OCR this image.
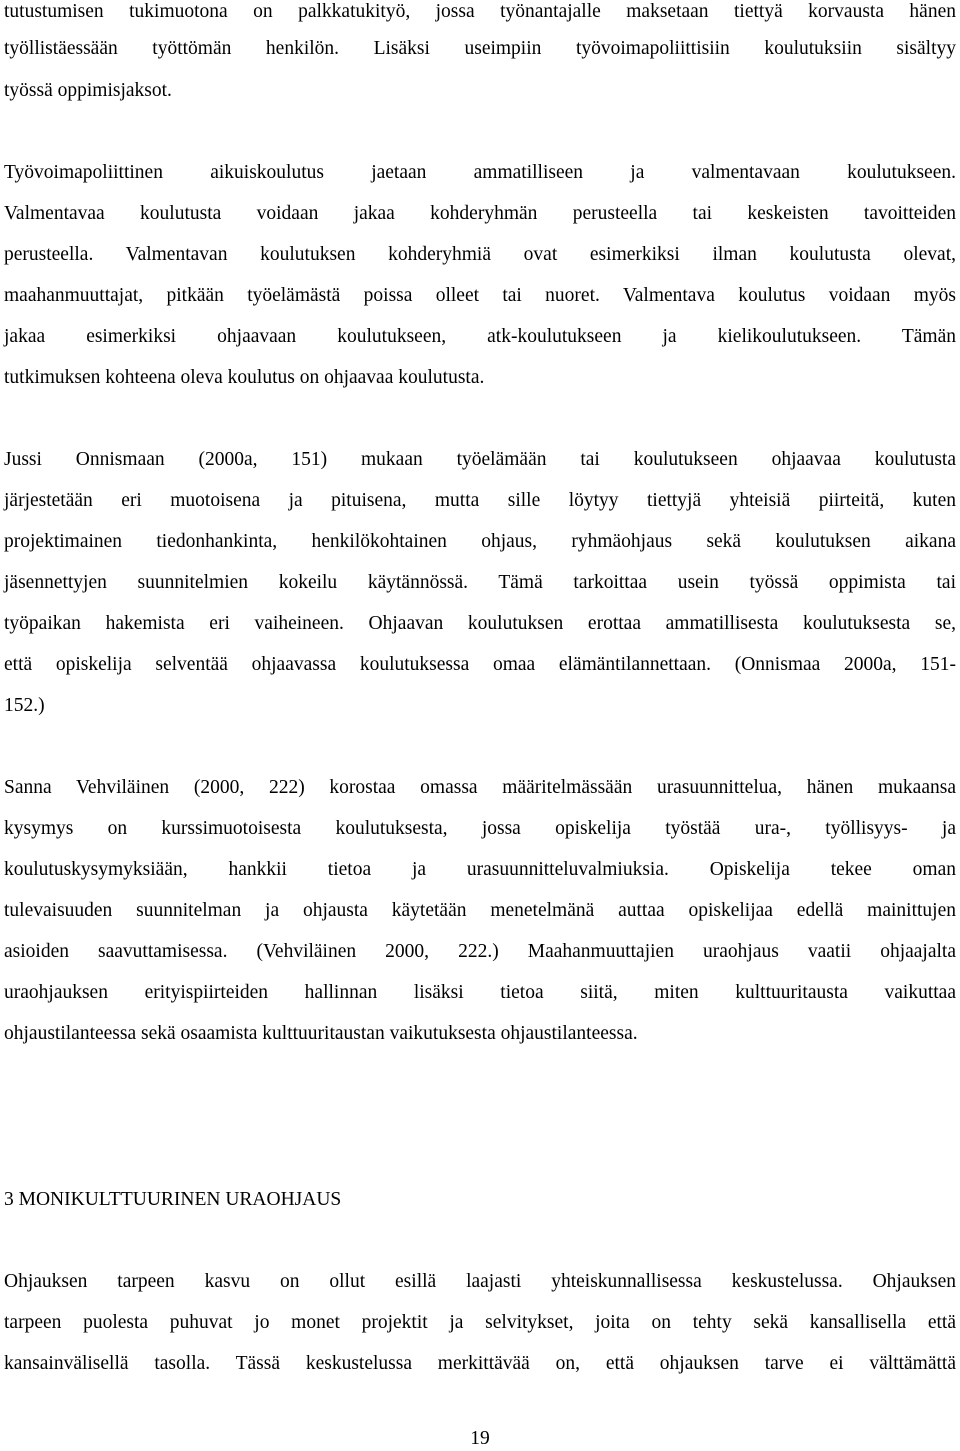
tutustumisen tukimuotona on palkkatukityö, jossa työnantajalle maksetaan tiettyä korvausta hänen
työllistäessään työttömän henkilön. Lisäksi useimpiin työvoimapoliittisiin koulutuksiin sisältyy
työssä oppimisjaksot.
Työvoimapoliittinen aikuiskoulutus jaetaan ammatilliseen ja valmentavaan koulutukseen.
Valmentavaa koulutusta voidaan jakaa kohderyhmän perusteella tai keskeisten tavoitteiden
perusteella. Valmentavan koulutuksen kohderyhmiä ovat esimerkiksi ilman koulutusta olevat,
maahanmuuttajat, pitkään työelämästä poissa olleet tai nuoret. Valmentava koulutus voidaan myös
jakaa esimerkiksi ohjaavaan koulutukseen, atk-koulutukseen ja kielikoulutukseen. Tämän
tutkimuksen kohteena oleva koulutus on ohjaavaa koulutusta.
Jussi Onnismaan (2000a, 151) mukaan työelämään tai koulutukseen ohjaavaa koulutusta
järjestetään eri muotoisena ja pituisena, mutta sille löytyy tiettyjä yhteisiä piirteitä, kuten
projektimainen tiedonhankinta, henkilökohtainen ohjaus, ryhmäohjaus sekä koulutuksen aikana
jäsennettyjen suunnitelmien kokeilu käytännössä. Tämä tarkoittaa usein työssä oppimista tai
työpaikan hakemista eri vaiheineen. Ohjaavan koulutuksen erottaa ammatillisesta koulutuksesta se,
että opiskelija selventää ohjaavassa koulutuksessa omaa elämäntilannettaan. (Onnismaa 2000a, 151-
152.)
Sanna Vehviläinen (2000, 222) korostaa omassa määritelmässään urasuunnittelua, hänen mukaansa
kysymys on kurssimuotoisesta koulutuksesta, jossa opiskelija työstää ura-, työllisyys- ja
koulutuskysymyksiään, hankkii tietoa ja urasuunnitteluvalmiuksia. Opiskelija tekee oman
tulevaisuuden suunnitelman ja ohjausta käytetään menetelmänä auttaa opiskelijaa edellä mainittujen
asioiden saavuttamisessa. (Vehviläinen 2000, 222.) Maahanmuuttajien uraohjaus vaatii ohjaajalta
uraohjauksen erityispiirteiden hallinnan lisäksi tietoa siitä, miten kulttuuritausta vaikuttaa
ohjaustilanteessa sekä osaamista kulttuuritaustan vaikutuksesta ohjaustilanteessa.
3 MONIKULTTUURINEN URAOHJAUS
Ohjauksen tarpeen kasvu on ollut esillä laajasti yhteiskunnallisessa keskustelussa. Ohjauksen
tarpeen puolesta puhuvat jo monet projektit ja selvitykset, joita on tehty sekä kansallisella että
kansainvälisellä tasolla. Tässä keskustelussa merkittävää on, että ohjauksen tarve ei välttämättä
19
